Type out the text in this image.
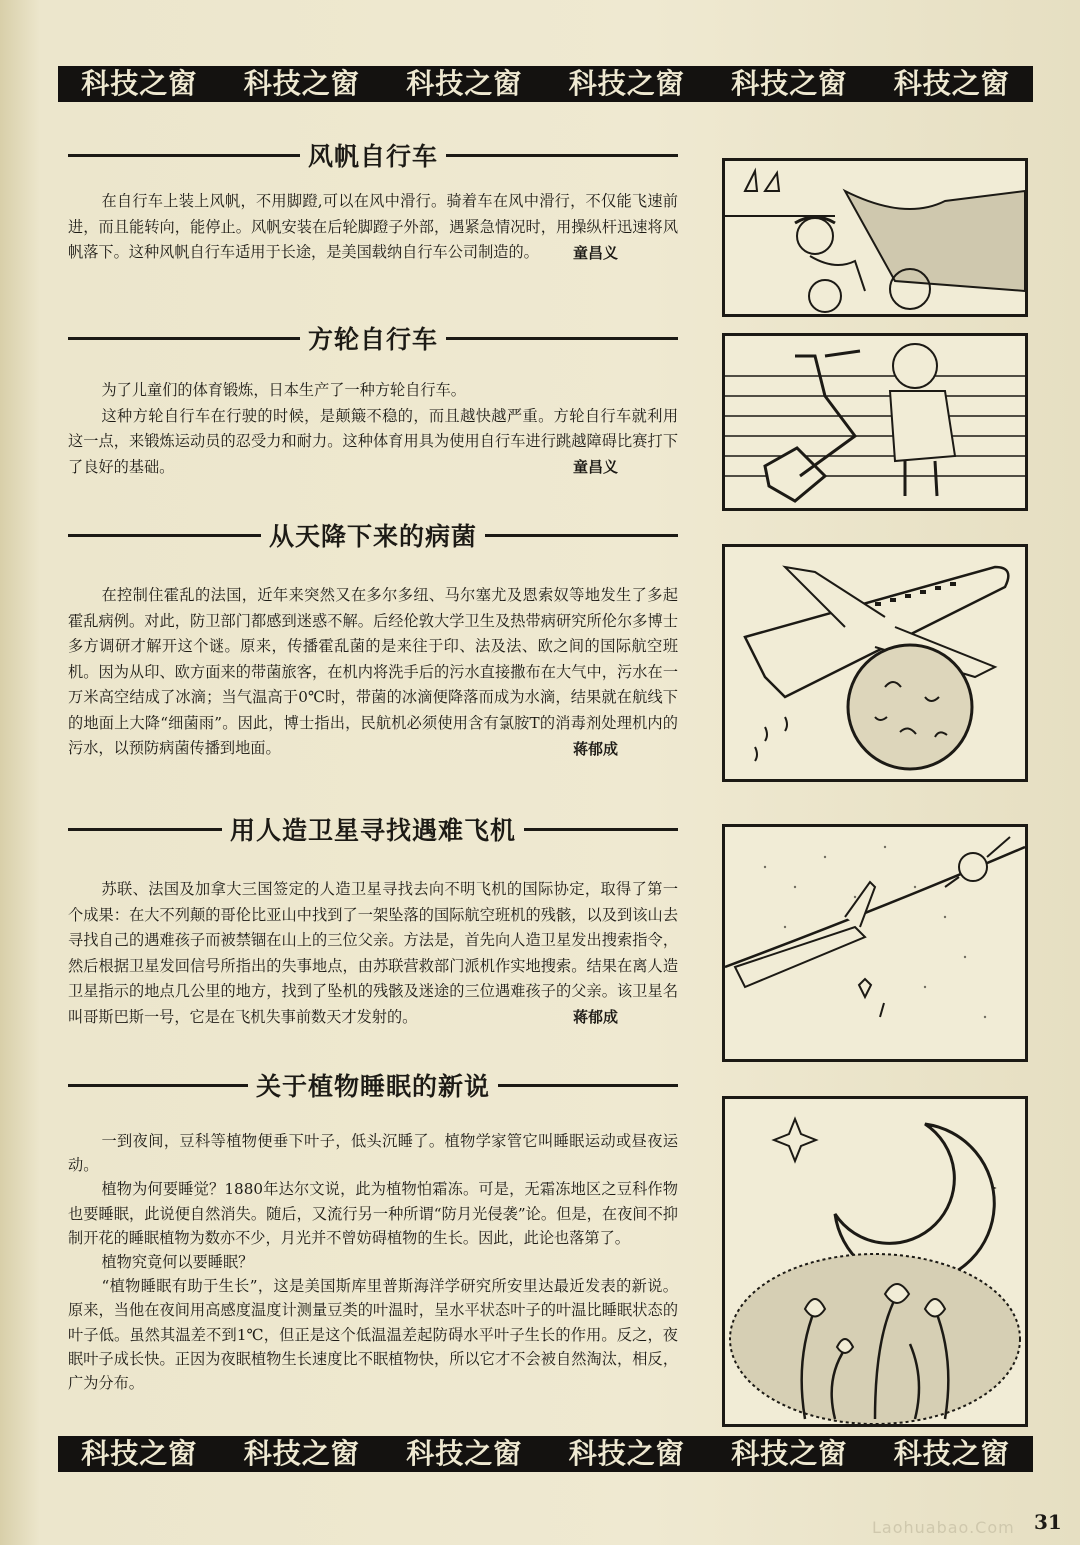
科技之窗 科技之窗 科技之窗 科技之窗 科技之窗 科技之窗
风帆自行车

在自行车上装上风帆，不用脚蹬,可以在风中滑行。骑着车在风中滑行，不仅能飞速前进，而且能转向，能停止。风帆安装在后轮脚蹬子外部，遇紧急情况时，用操纵杆迅速将风帆落下。这种风帆自行车适用于长途，是美国载纳自行车公司制造的。	童昌义
方轮自行车

为了儿童们的体育锻炼，日本生产了一种方轮自行车。

这种方轮自行车在行驶的时候，是颠簸不稳的，而且越快越严重。方轮自行车就利用这一点，来锻炼运动员的忍受力和耐力。这种体育用具为使用自行车进行跳越障碍比赛打下了良好的基础。	童昌义
从天降下来的病菌

在控制住霍乱的法国，近年来突然又在多尔多纽、马尔塞尤及恩索奴等地发生了多起霍乱病例。对此，防卫部门都感到迷惑不解。后经伦敦大学卫生及热带病研究所伦尔多博士多方调研才解开这个谜。原来，传播霍乱菌的是来往于印、法及法、欧之间的国际航空班机。因为从印、欧方面来的带菌旅客，在机内将洗手后的污水直接撒布在大气中，污水在一万米高空结成了冰滴；当气温高于0℃时，带菌的冰滴便降落而成为水滴，结果就在航线下的地面上大降“细菌雨”。因此，博士指出，民航机必须使用含有氯胺T的消毒剂处理机内的污水，以预防病菌传播到地面。	蒋郁成
用人造卫星寻找遇难飞机

苏联、法国及加拿大三国签定的人造卫星寻找去向不明飞机的国际协定，取得了第一个成果：在大不列颠的哥伦比亚山中找到了一架坠落的国际航空班机的残骸，以及到该山去寻找自己的遇难孩子而被禁锢在山上的三位父亲。方法是，首先向人造卫星发出搜索指令，然后根据卫星发回信号所指出的失事地点，由苏联营救部门派机作实地搜索。结果在离人造卫星指示的地点几公里的地方，找到了坠机的残骸及迷途的三位遇难孩子的父亲。该卫星名叫哥斯巴斯一号，它是在飞机失事前数天才发射的。	蒋郁成
关于植物睡眠的新说

一到夜间，豆科等植物便垂下叶子，低头沉睡了。植物学家管它叫睡眠运动或昼夜运动。

植物为何要睡觉？1880年达尔文说，此为植物怕霜冻。可是，无霜冻地区之豆科作物也要睡眠，此说便自然消失。随后，又流行另一种所谓“防月光侵袭”论。但是，在夜间不抑制开花的睡眠植物为数亦不少，月光并不曾妨碍植物的生长。因此，此论也落第了。

植物究竟何以要睡眠？

“植物睡眠有助于生长”，这是美国斯库里普斯海洋学研究所安里达最近发表的新说。原来，当他在夜间用高感度温度计测量豆类的叶温时，呈水平状态叶子的叶温比睡眠状态的叶子低。虽然其温差不到1℃，但正是这个低温温差起防碍水平叶子生长的作用。反之，夜眠叶子成长快。正因为夜眠植物生长速度比不眠植物快，所以它才不会被自然淘汰，相反，广为分布。

科技之窗 科技之窗 科技之窗 科技之窗 科技之窗 科技之窗
Laohuabao.Com 31
